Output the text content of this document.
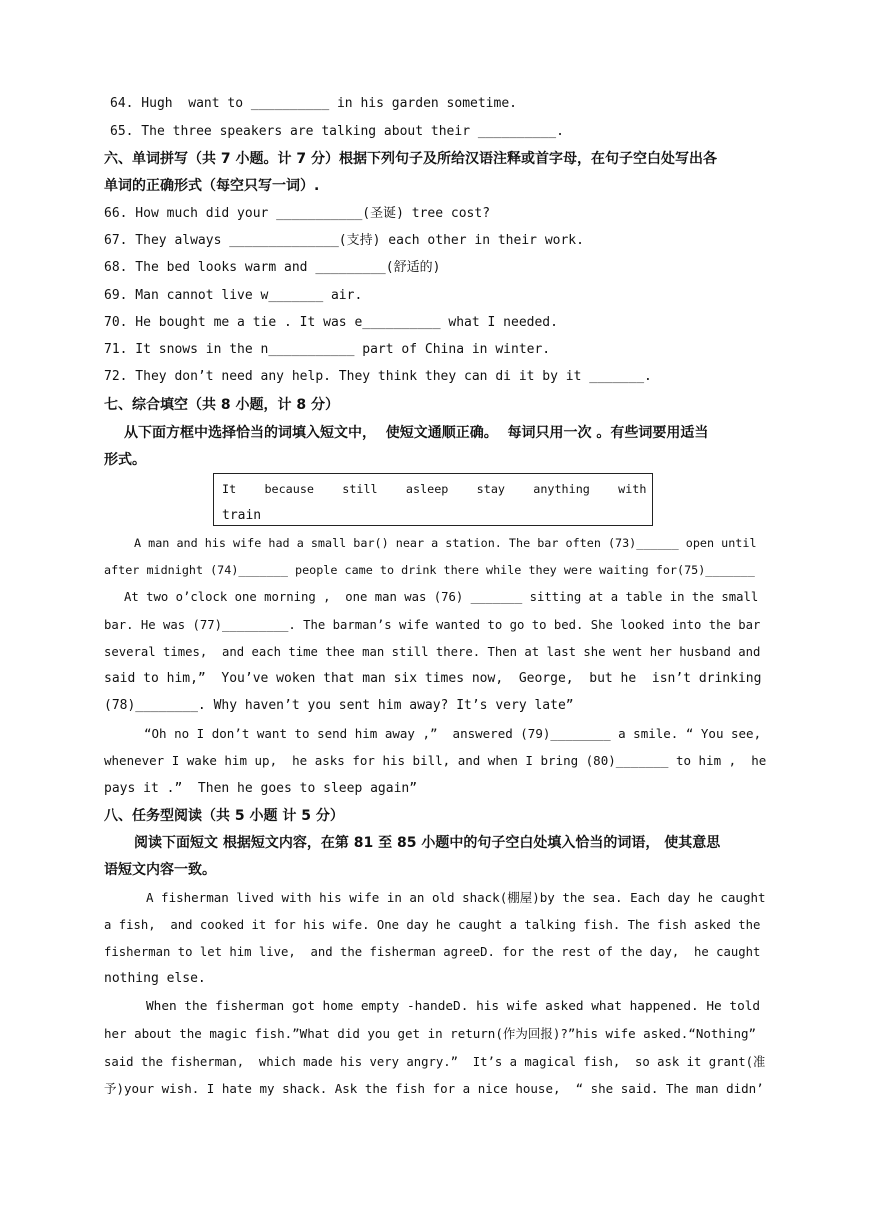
64. Hugh  want to __________ in his garden sometime.
65. The three speakers are talking about their __________.
六、单词拼写（共 7 小题。计 7 分）根据下列句子及所给汉语注释或首字母，在句子空白处写出各
单词的正确形式（每空只写一词）.
66. How much did your ___________(圣诞) tree cost?
67. They always ______________(支持) each other in their work.
68. The bed looks warm and _________(舒适的)
69. Man cannot live w_______ air.
70. He bought me a tie . It was e__________ what I needed.
71. It snows in the n___________ part of China in winter.
72. They don’t need any help. They think they can di it by it _______.
七、综合填空（共 8 小题，计 8 分）
从下面方框中选择恰当的词填入短文中，  使短文通顺正确。  每词只用一次 。有些词要用适当
形式。
It    because    still    asleep    stay    anything    with
train
A man and his wife had a small bar() near a station. The bar often (73)______ open until
after midnight (74)_______ people came to drink there while they were waiting for(75)_______
At two o’clock one morning ,  one man was (76) _______ sitting at a table in the small
bar. He was (77)_________. The barman’s wife wanted to go to bed. She looked into the bar
several times,  and each time thee man still there. Then at last she went her husband and
said to him,”  You’ve woken that man six times now,  George,  but he  isn’t drinking
(78)________. Why haven’t you sent him away? It’s very late”
“Oh no I don’t want to send him away ,”  answered (79)________ a smile. “ You see,
whenever I wake him up,  he asks for his bill, and when I bring (80)_______ to him ,  he
pays it .”  Then he goes to sleep again”
八、任务型阅读（共 5 小题 计 5 分）
阅读下面短文 根据短文内容，在第 81 至 85 小题中的句子空白处填入恰当的词语， 使其意思
语短文内容一致。
A fisherman lived with his wife in an old shack(棚屋)by the sea. Each day he caught
a fish,  and cooked it for his wife. One day he caught a talking fish. The fish asked the
fisherman to let him live,  and the fisherman agreeD. for the rest of the day,  he caught
nothing else.
When the fisherman got home empty -handeD. his wife asked what happened. He told
her about the magic fish.”What did you get in return(作为回报)?”his wife asked.“Nothing”
said the fisherman,  which made his very angry.”  It’s a magical fish,  so ask it grant(准
予)your wish. I hate my shack. Ask the fish for a nice house,  “ she said. The man didn’
